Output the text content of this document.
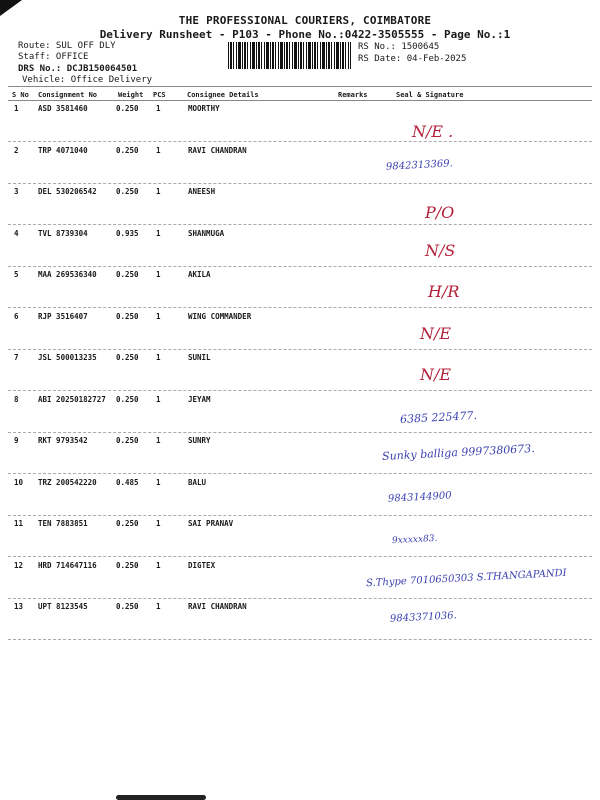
THE PROFESSIONAL COURIERS, COIMBATORE
Delivery Runsheet - P103 - Phone No.:0422-3505555 - Page No.:1
Route: SUL OFF DLY
Staff: OFFICE
DRS No.: DCJB150064501
Vehicle: Office Delivery
RS No.: 1500645
RS Date: 04-Feb-2025
S No Consignment No	Weight PCS	Consignee Details	Remarks	Seal & Signature
1	ASD 3581460	0.250 1	MOORTHY
N/E .
2	TRP 4071040	0.250 1	RAVI CHANDRAN
9842313369.
3	DEL 530206542	0.250 1	ANEESH
P/O
4	TVL 8739304	0.935 1	SHANMUGA
N/S
5	MAA 269536340	0.250 1	AKILA
H/R
6	RJP 3516407	0.250 1	WING COMMANDER
N/E
7	JSL 500013235	0.250 1	SUNIL
N/E
8	ABI 20250182727 0.250 1	JEYAM
6385 225477.
9	RKT 9793542	0.250 1	SUNRY
Sunky balliga 9997380673.
10 TRZ 200542220	0.485 1	BALU
9843144900
11 TEN 7883851	0.250 1	SAI PRANAV
9xxxxx83.
12 HRD 714647116	0.250 1	DIGTEX
S.Thype 7010650303 S.THANGAPANDI
13 UPT 8123545	0.250 1	RAVI CHANDRAN
9843371036.
